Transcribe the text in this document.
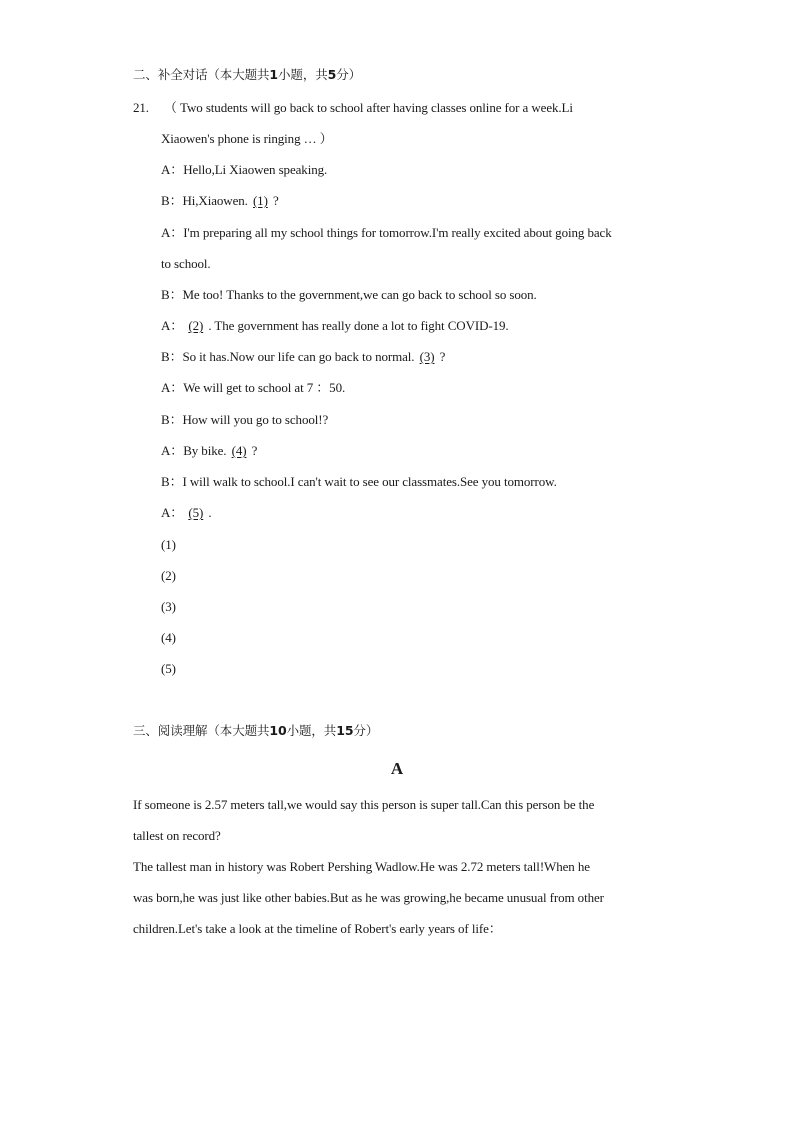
二、补全对话（本大题共1小题，共5分）
21. （ Two students will go back to school after having classes online for a week.Li
Xiaowen's phone is ringing … ）
A：Hello,Li Xiaowen speaking.
B：Hi,Xiaowen. (1) ?
A：I'm preparing all my school things for tomorrow.I'm really excited about going back
to school.
B：Me too! Thanks to the government,we can go back to school so soon.
A： (2) . The government has really done a lot to fight COVID-19.
B：So it has.Now our life can go back to normal. (3) ?
A：We will get to school at 7 ：50.
B：How will you go to school!?
A：By bike. (4) ?
B：I will walk to school.I can't wait to see our classmates.See you tomorrow.
A： (5) .
(1)
(2)
(3)
(4)
(5)
三、阅读理解（本大题共10小题，共15分）
A
If someone is 2.57 meters tall,we would say this person is super tall.Can this person be the
tallest on record?
The tallest man in history was Robert Pershing Wadlow.He was 2.72 meters tall!When he
was born,he was just like other babies.But as he was growing,he became unusual from other
children.Let's take a look at the timeline of Robert's early years of life：
